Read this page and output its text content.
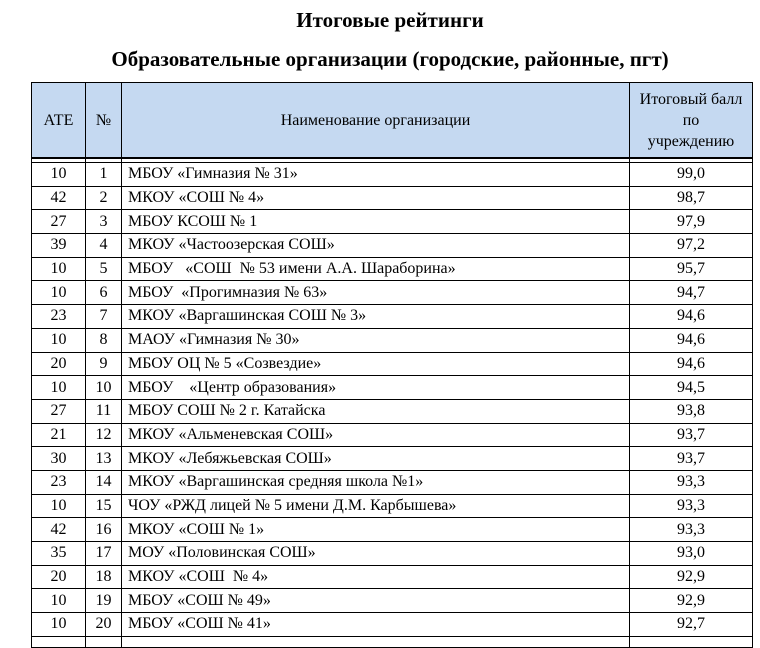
Итоговые рейтинги
Образовательные организации (городские, районные, пгт)
АТЕ	№	Наименование организации	Итоговый балл по учреждению

10	1	МБОУ «Гимназия № 31»	99,0
42	2	МКОУ «СОШ № 4»	98,7
27	3	МБОУ КСОШ № 1	97,9
39	4	МКОУ «Частоозерская СОШ»	97,2
10	5	МБОУ   «СОШ  № 53 имени А.А. Шараборина»	95,7
10	6	МБОУ  «Прогимназия № 63»	94,7
23	7	МКОУ «Варгашинская СОШ № 3»	94,6
10	8	МАОУ «Гимназия № 30»	94,6
20	9	МБОУ ОЦ № 5 «Созвездие»	94,6
10	10	МБОУ    «Центр образования»	94,5
27	11	МБОУ СОШ № 2 г. Катайска	93,8
21	12	МКОУ «Альменевская СОШ»	93,7
30	13	МКОУ «Лебяжьевская СОШ»	93,7
23	14	МКОУ «Варгашинская средняя школа №1»	93,3
10	15	ЧОУ «РЖД лицей № 5 имени Д.М. Карбышева»	93,3
42	16	МКОУ «СОШ № 1»	93,3
35	17	МОУ «Половинская СОШ»	93,0
20	18	МКОУ «СОШ  № 4»	92,9
10	19	МБОУ «СОШ № 49»	92,9
10	20	МБОУ «СОШ № 41»	92,7
